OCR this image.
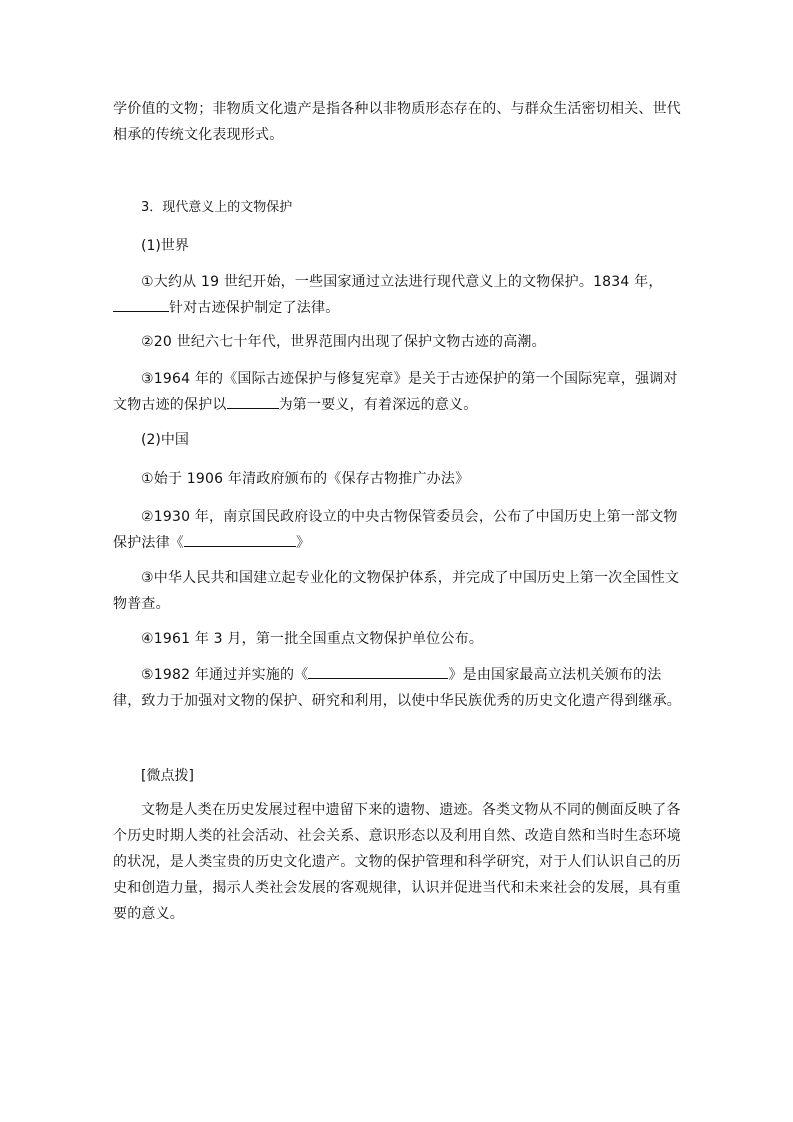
学价值的文物；非物质文化遗产是指各种以非物质形态存在的、与群众生活密切相关、世代相承的传统文化表现形式。

3．现代意义上的文物保护

(1)世界

①大约从 19 世纪开始，一些国家通过立法进行现代意义上的文物保护。1834 年，针对古迹保护制定了法律。

②20 世纪六七十年代，世界范围内出现了保护文物古迹的高潮。

③1964 年的《国际古迹保护与修复宪章》是关于古迹保护的第一个国际宪章，强调对文物古迹的保护以	为第一要义，有着深远的意义。

(2)中国

①始于 1906 年清政府颁布的《保存古物推广办法》

②1930 年，南京国民政府设立的中央古物保管委员会，公布了中国历史上第一部文物保护法律《	》

③中华人民共和国建立起专业化的文物保护体系，并完成了中国历史上第一次全国性文物普查。

④1961 年 3 月，第一批全国重点文物保护单位公布。

⑤1982 年通过并实施的《	》是由国家最高立法机关颁布的法律，致力于加强对文物的保护、研究和利用，以使中华民族优秀的历史文化遗产得到继承。

[微点拨]

文物是人类在历史发展过程中遗留下来的遗物、遗迹。各类文物从不同的侧面反映了各个历史时期人类的社会活动、社会关系、意识形态以及利用自然、改造自然和当时生态环境的状况，是人类宝贵的历史文化遗产。文物的保护管理和科学研究，对于人们认识自己的历史和创造力量，揭示人类社会发展的客观规律，认识并促进当代和未来社会的发展，具有重要的意义。
